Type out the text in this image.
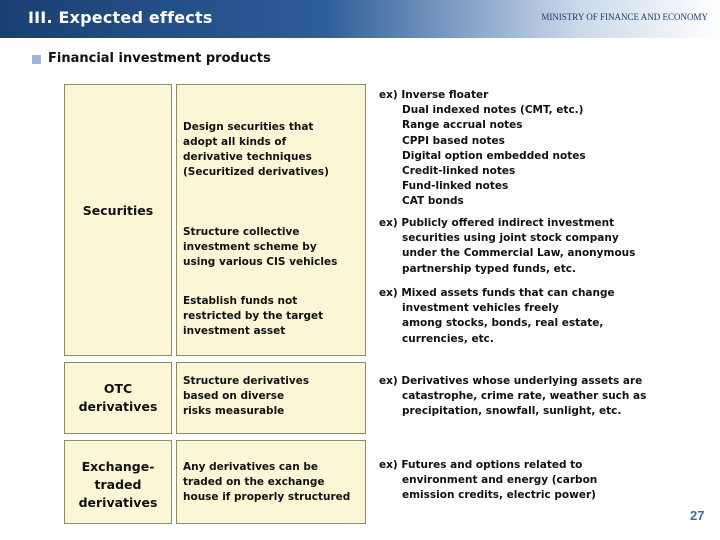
III. Expected effects	MINISTRY OF FINANCE AND ECONOMY
Financial investment products
Securities
Design securities that
adopt all kinds of
derivative techniques
(Securitized derivatives)
ex) Inverse floater
Dual indexed notes (CMT, etc.)
Range accrual notes
CPPI based notes
Digital option embedded notes
Credit-linked notes
Fund-linked notes
CAT bonds
Structure collective
investment scheme by
using various CIS vehicles
ex) Publicly offered indirect investment
securities using joint stock company
under the Commercial Law, anonymous
partnership typed funds, etc.
Establish funds not
restricted by the target
investment asset
ex) Mixed assets funds that can change
investment vehicles freely
among stocks, bonds, real estate,
currencies, etc.
OTC
derivatives
Structure derivatives
based on diverse
risks measurable
ex) Derivatives whose underlying assets are
catastrophe, crime rate, weather such as
precipitation, snowfall, sunlight, etc.
Exchange-
traded
derivatives
Any derivatives can be
traded on the exchange
house if properly structured
ex) Futures and options related to
environment and energy (carbon
emission credits, electric power)
27
